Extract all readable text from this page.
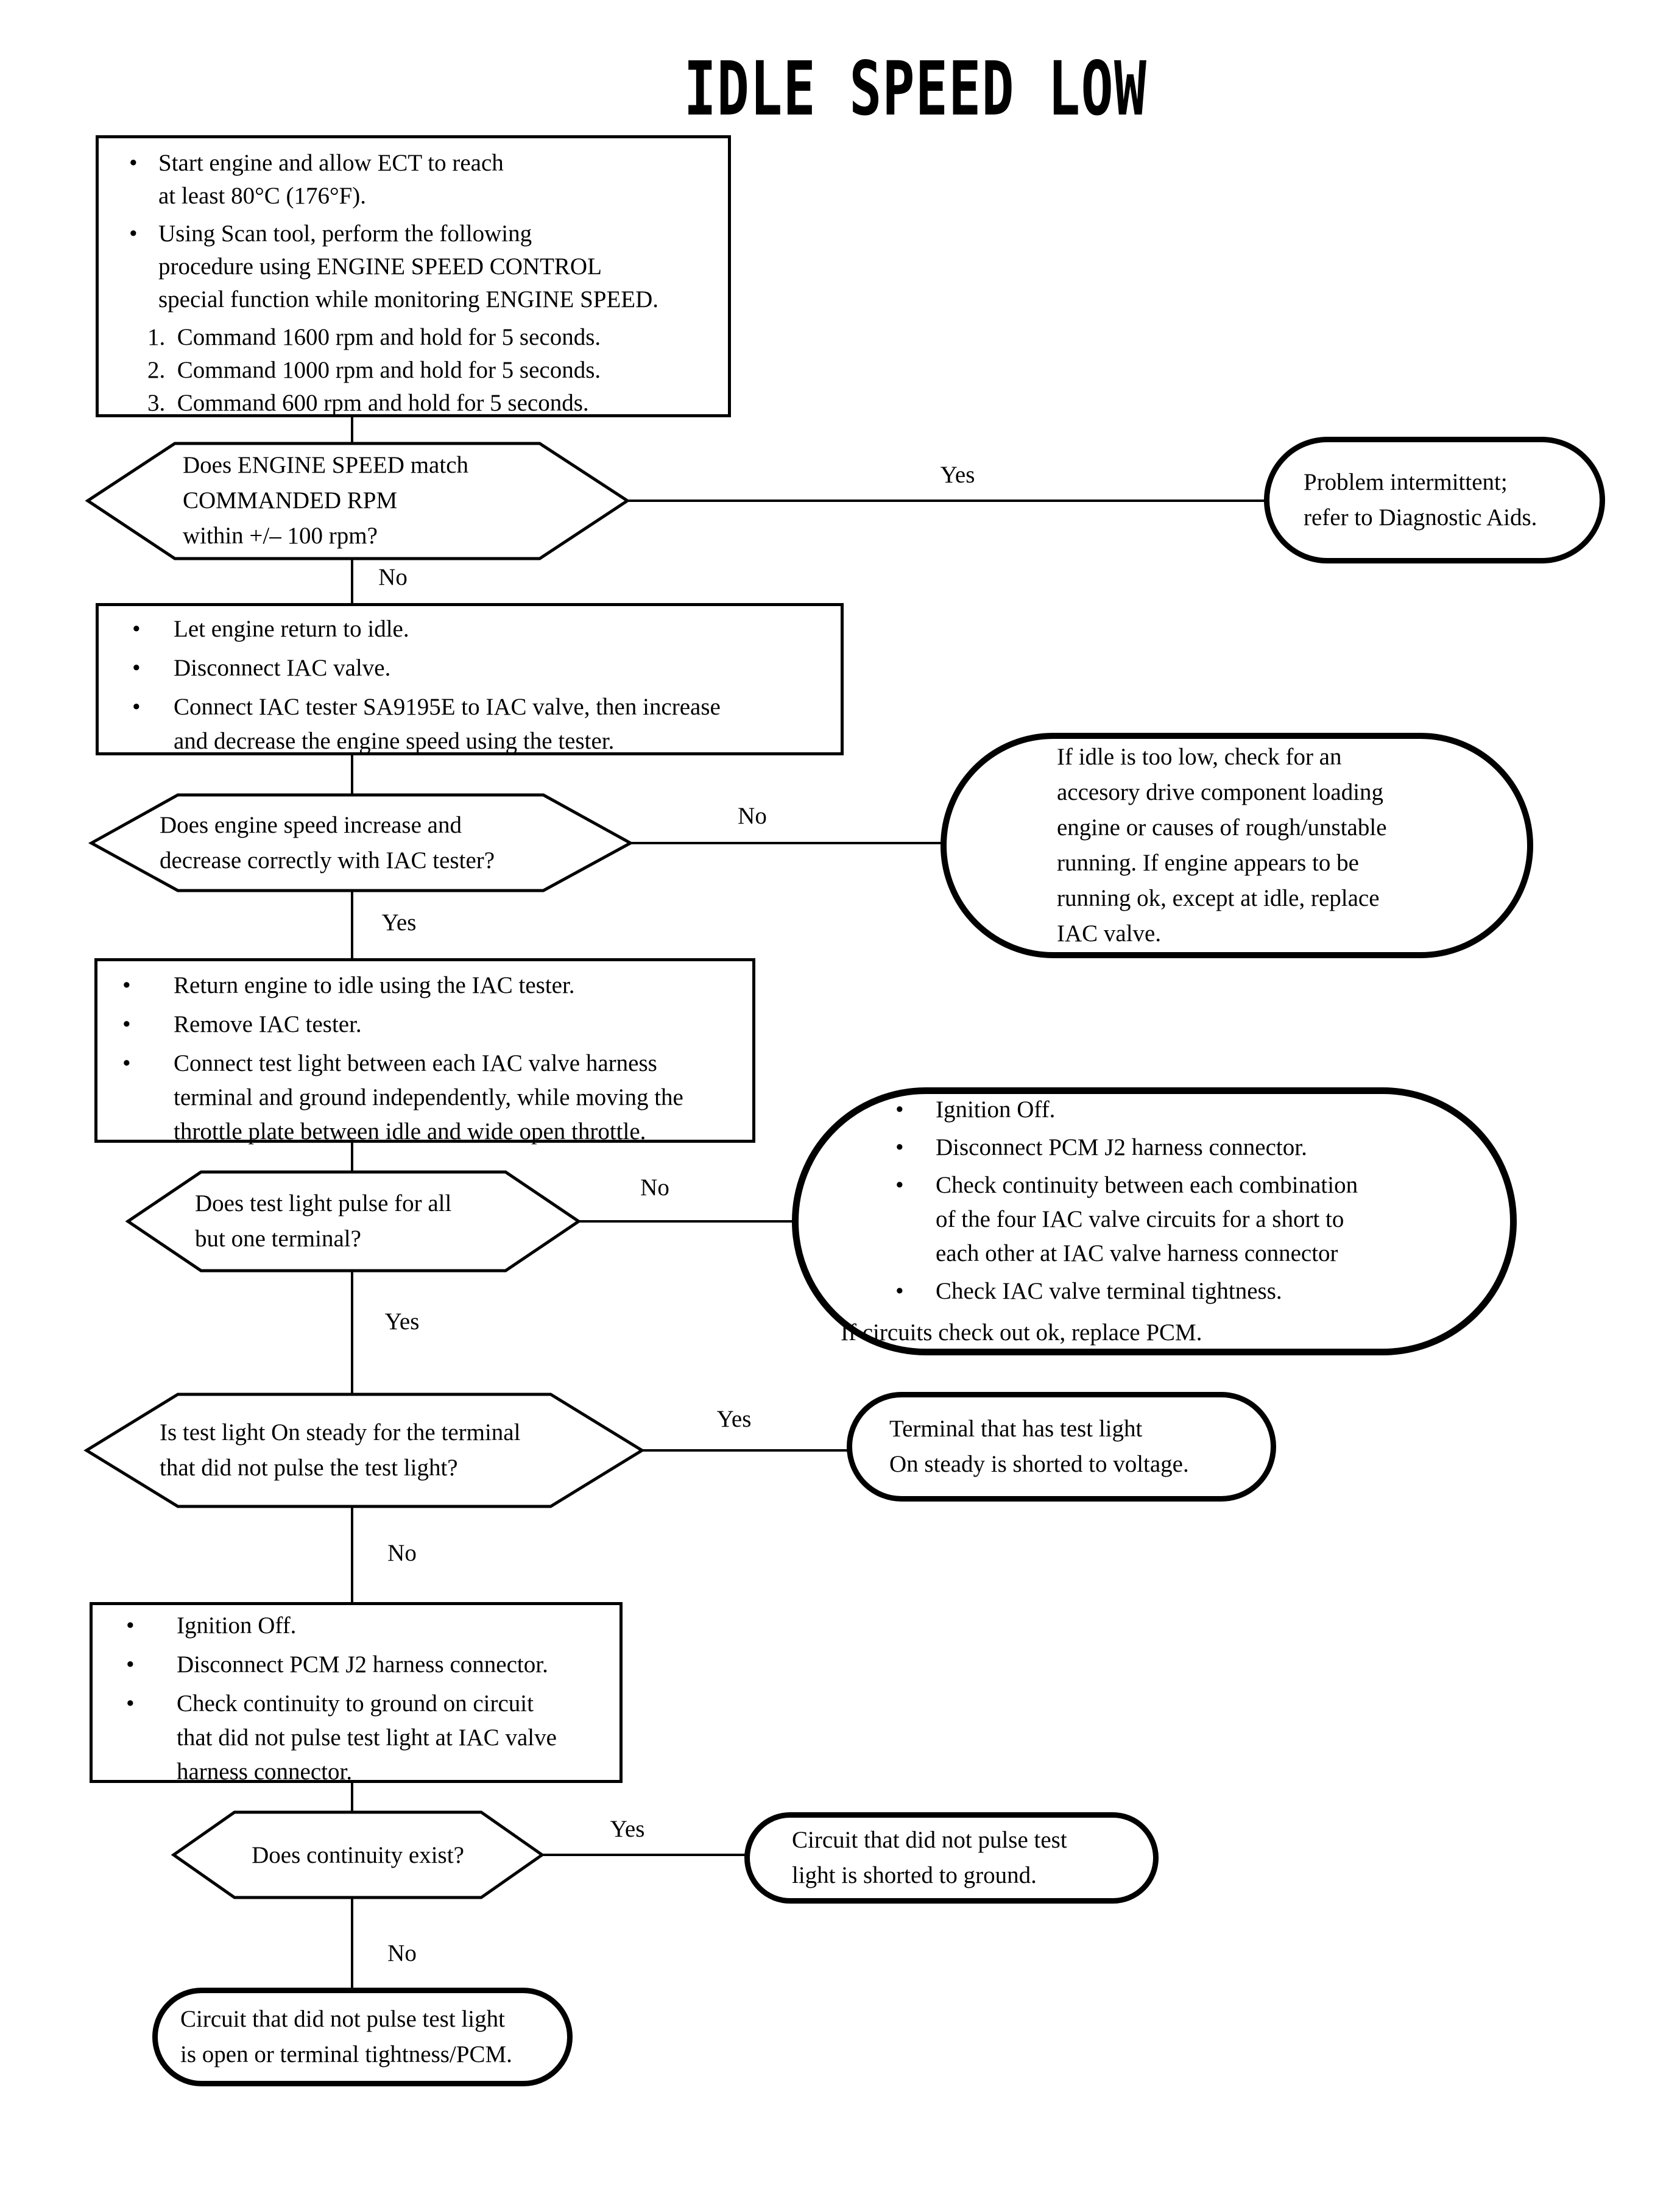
IDLE SPEED LOW
• Start engine and allow ECT to reach
at least 80°C (176°F).
• Using Scan tool, perform the following
procedure using ENGINE SPEED CONTROL
special function while monitoring ENGINE SPEED.
1.  Command 1600 rpm and hold for 5 seconds.
2.  Command 1000 rpm and hold for 5 seconds.
3.  Command 600 rpm and hold for 5 seconds.
Does ENGINE SPEED match
COMMANDED RPM
within +/– 100 rpm?
Problem intermittent;
refer to Diagnostic Aids.
•	Let engine return to idle.
•	Disconnect IAC valve.
•	Connect IAC tester SA9195E to IAC valve, then increase
and decrease the engine speed using the tester.
Does engine speed increase and
decrease correctly with IAC tester?
If idle is too low, check for an
accesory drive component loading
engine or causes of rough/unstable
running. If engine appears to be
running ok, except at idle, replace
IAC valve.
•	Return engine to idle using the IAC tester.
•	Remove IAC tester.
•	Connect test light between each IAC valve harness
terminal and ground independently, while moving the
throttle plate between idle and wide open throttle.
Does test light pulse for all
but one terminal?
•	Ignition Off.
•	Disconnect PCM J2 harness connector.
•	Check continuity between each combination
of the four IAC valve circuits for a short to
each other at IAC valve harness connector
•	Check IAC valve terminal tightness.
If circuits check out ok, replace PCM.
Is test light On steady for the terminal
that did not pulse the test light?
Terminal that has test light
On steady is shorted to voltage.
•	Ignition Off.
•	Disconnect PCM J2 harness connector.
•	Check continuity to ground on circuit
that did not pulse test light at IAC valve
harness connector.
Does continuity exist?
Circuit that did not pulse test
light is shorted to ground.
Circuit that did not pulse test light
is open or terminal tightness/PCM.
Yes
No
No
Yes
No
Yes
Yes
No
Yes
No
